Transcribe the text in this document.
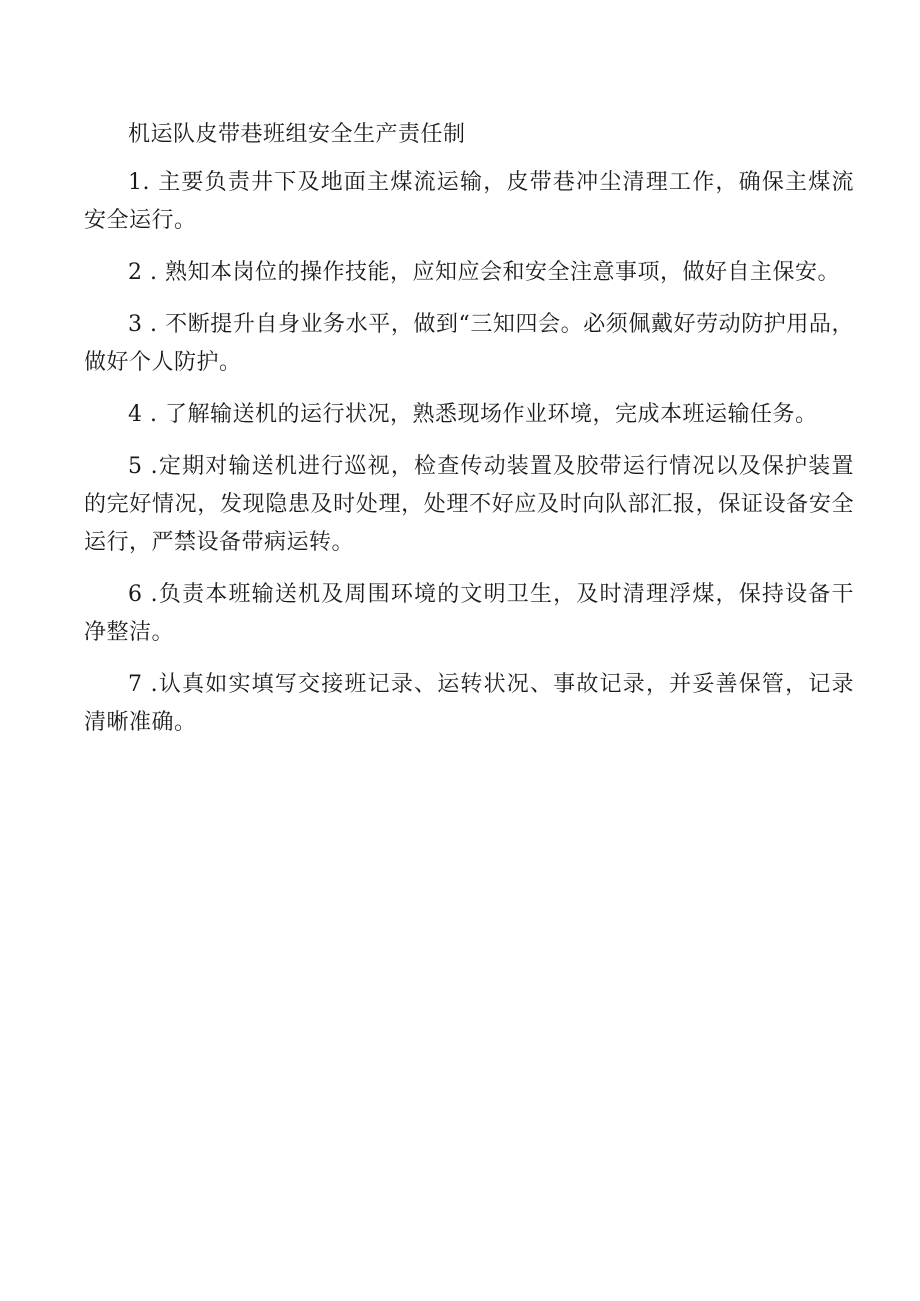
机运队皮带巷班组安全生产责任制

1. 主要负责井下及地面主煤流运输，皮带巷冲尘清理工作，确保主煤流安全运行。

2 . 熟知本岗位的操作技能，应知应会和安全注意事项，做好自主保安。

3 . 不断提升自身业务水平，做到“三知四会。必须佩戴好劳动防护用品，做好个人防护。

4 . 了解输送机的运行状况，熟悉现场作业环境，完成本班运输任务。

5 .定期对输送机进行巡视，检查传动装置及胶带运行情况以及保护装置的完好情况，发现隐患及时处理，处理不好应及时向队部汇报，保证设备安全运行，严禁设备带病运转。

6 .负责本班输送机及周围环境的文明卫生，及时清理浮煤，保持设备干净整洁。

7 .认真如实填写交接班记录、运转状况、事故记录，并妥善保管，记录清晰准确。
